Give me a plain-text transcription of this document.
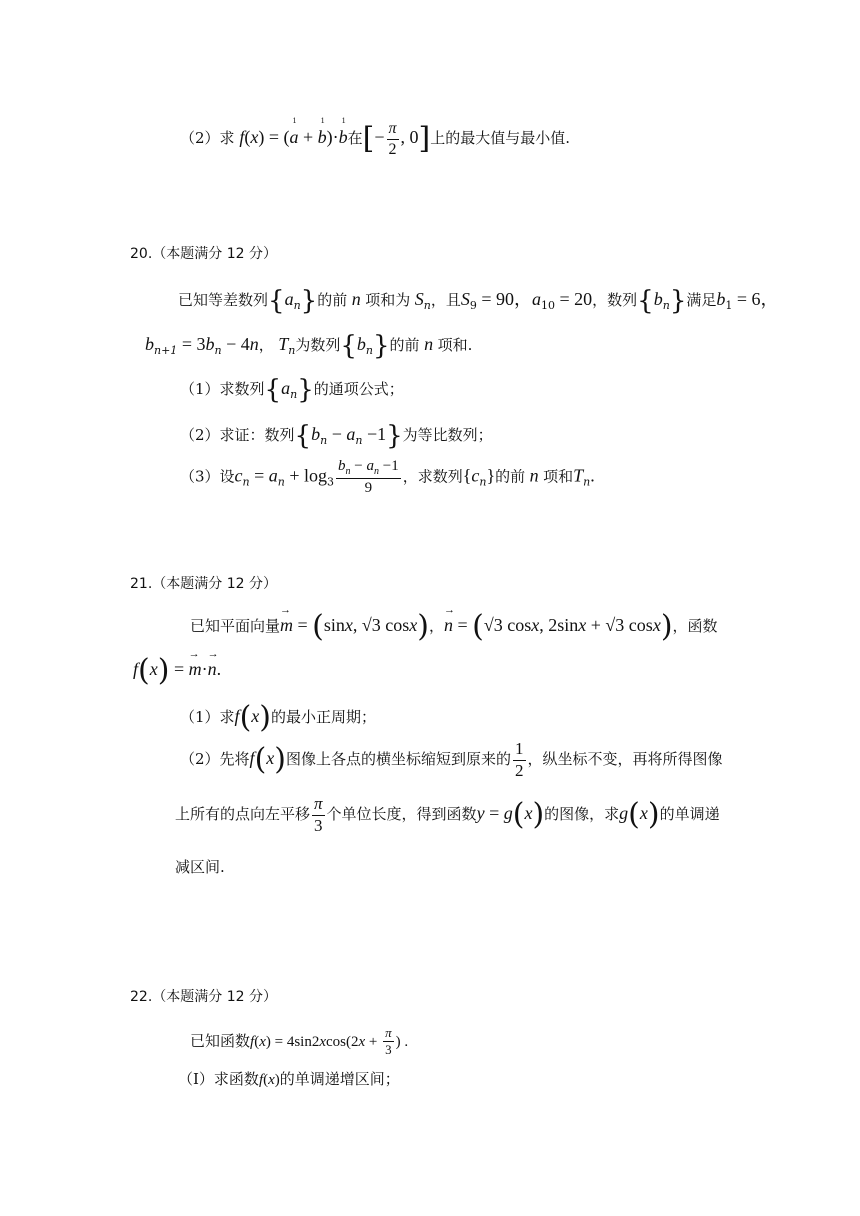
（2）求 f(x) = (1 a + 1 b)·1 b在[− $\frac{\pi}{2}$ , 0]上的最大值与最小值.
20.（本题满分 12 分）
已知等差数列$\{a_n\}$的前 n 项和为 $S_n$，且$S_9 = 90$，$a_{10} = 20$，数列$\{b_n\}$满足$b_1 = 6$，
$b_{n+1} = 3b_n - 4n$， $T_n$为数列$\{b_n\}$的前 n 项和.
（1）求数列$\{a_n\}$的通项公式；
（2）求证：数列$\{b_n - a_n -1\}$为等比数列；
（3）设$c_n = a_n + \log_3 \frac{b_n - a_n -1}{9}$ ，求数列$\{c_n\}$的前 n 项和$T_n$.
21.（本题满分 12 分）
已知平面向量→ m = (sinx, √3 cosx)，→ n = (√3 cosx, 2sinx + √3 cosx)，函数
f(x) = → m·→ n.
（1）求f(x)的最小正周期；
（2）先将f(x)图像上各点的横坐标缩短到原来的 $\frac{1}{2}$ ，纵坐标不变，再将所得图像
上所有的点向左平移 $\frac{\pi}{3}$ 个单位长度，得到函数y = g(x)的图像，求g(x)的单调递
减区间.
22.（本题满分 12 分）
已知函数$f(x) = 4\sin 2xcos(2x + \frac{\pi}{3}$ ) .
（Ⅰ）求函数f(x)的单调递增区间；
